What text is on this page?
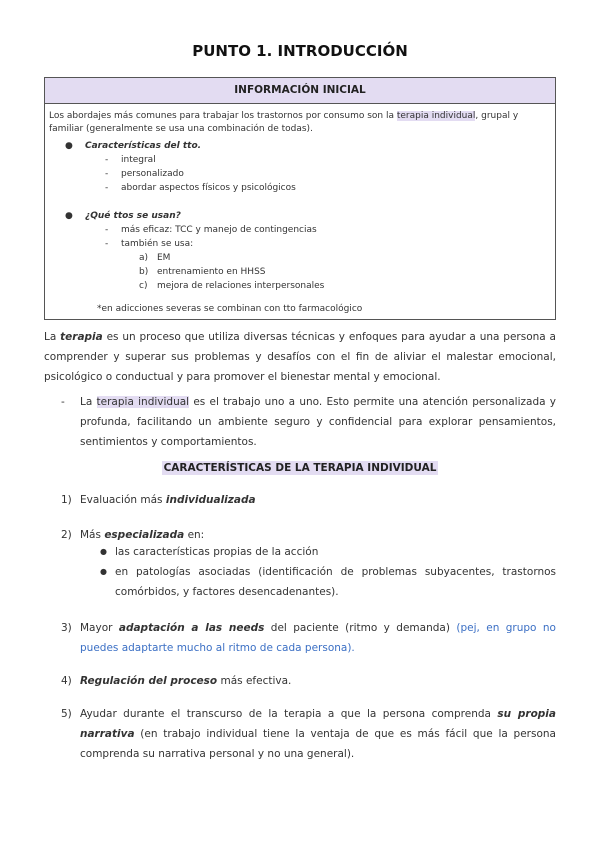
PUNTO 1. INTRODUCCIÓN
INFORMACIÓN INICIAL
Los abordajes más comunes para trabajar los trastornos por consumo son la terapia individual, grupal y familiar (generalmente se usa una combinación de todas).
● Características del tto.
- integral
- personalizado
- abordar aspectos físicos y psicológicos
● ¿Qué ttos se usan?
- más eficaz: TCC y manejo de contingencias
- también se usa:
a) EM
b) entrenamiento en HHSS
c) mejora de relaciones interpersonales
*en adicciones severas se combinan con tto farmacológico
La terapia es un proceso que utiliza diversas técnicas y enfoques para ayudar a una persona a comprender y superar sus problemas y desafíos con el fin de aliviar el malestar emocional, psicológico o conductual y para promover el bienestar mental y emocional.
- La terapia individual es el trabajo uno a uno. Esto permite una atención personalizada y profunda, facilitando un ambiente seguro y confidencial para explorar pensamientos, sentimientos y comportamientos.
CARACTERÍSTICAS DE LA TERAPIA INDIVIDUAL
1) Evaluación más individualizada
2) Más especializada en:
● las características propias de la acción
● en patologías asociadas (identificación de problemas subyacentes, trastornos comórbidos, y factores desencadenantes).
3) Mayor adaptación a las needs del paciente (ritmo y demanda) (pej, en grupo no puedes adaptarte mucho al ritmo de cada persona).
4) Regulación del proceso más efectiva.
5) Ayudar durante el transcurso de la terapia a que la persona comprenda su propia narrativa (en trabajo individual tiene la ventaja de que es más fácil que la persona comprenda su narrativa personal y no una general).
